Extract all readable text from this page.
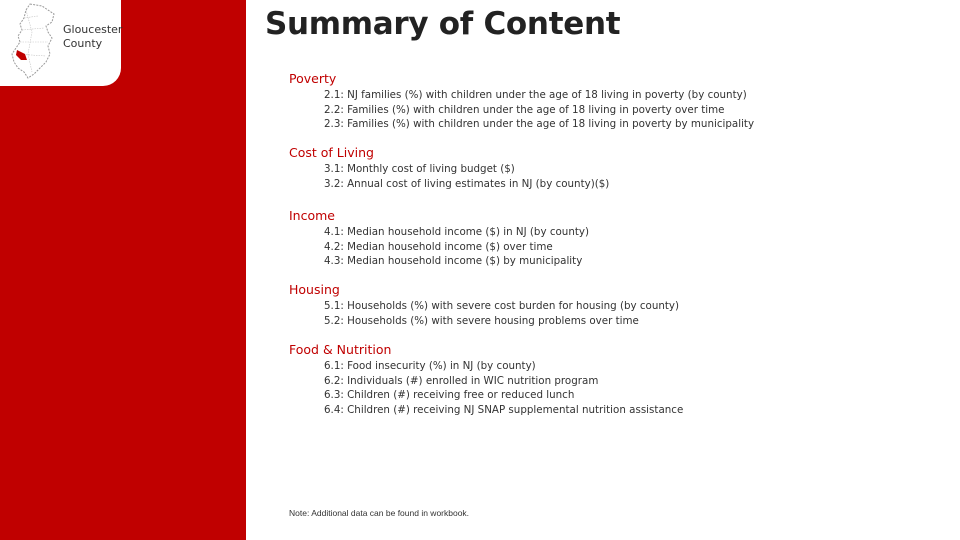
Gloucester
County
Summary of Content
Poverty
2.1: NJ families (%) with children under the age of 18 living in poverty (by county)
2.2: Families (%) with children under the age of 18 living in poverty over time
2.3: Families (%) with children under the age of 18 living in poverty by municipality
Cost of Living
3.1: Monthly cost of living budget ($)
3.2: Annual cost of living estimates in NJ (by county)($)
Income
4.1: Median household income ($) in NJ (by county)
4.2: Median household income ($) over time
4.3: Median household income ($) by municipality
Housing
5.1: Households (%) with severe cost burden for housing (by county)
5.2: Households (%) with severe housing problems over time
Food & Nutrition
6.1: Food insecurity (%) in NJ (by county)
6.2: Individuals (#) enrolled in WIC nutrition program
6.3: Children (#) receiving free or reduced lunch
6.4: Children (#) receiving NJ SNAP supplemental nutrition assistance
Note: Additional data can be found in workbook.
